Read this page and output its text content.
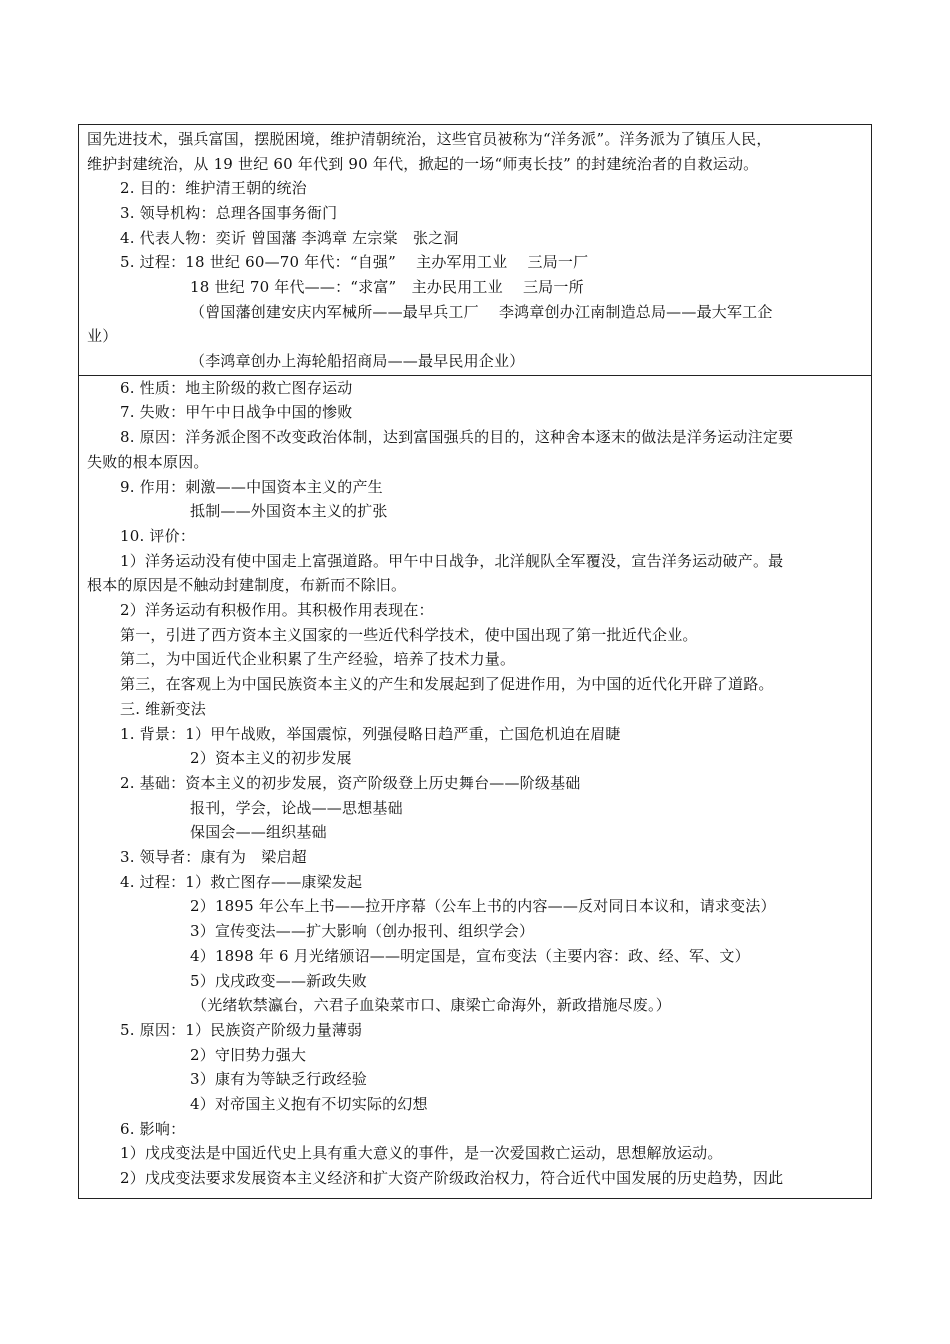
国先进技术，强兵富国，摆脱困境，维护清朝统治，这些官员被称为“洋务派”。洋务派为了镇压人民，
维护封建统治，从 19 世纪 60 年代到 90 年代，掀起的一场“师夷长技” 的封建统治者的自救运动。
2. 目的：维护清王朝的统治
3. 领导机构：总理各国事务衙门
4. 代表人物：奕䜣 曾国藩 李鸿章 左宗棠　张之洞
5. 过程：18 世纪 60—70 年代：“自强”　 主办军用工业　 三局一厂
18 世纪 70 年代——：“求富”　主办民用工业　 三局一所
（曾国藩创建安庆内军械所——最早兵工厂　 李鸿章创办江南制造总局——最大军工企
业）
（李鸿章创办上海轮船招商局——最早民用企业）
6. 性质：地主阶级的救亡图存运动
7. 失败：甲午中日战争中国的惨败
8. 原因：洋务派企图不改变政治体制，达到富国强兵的目的，这种舍本逐末的做法是洋务运动注定要
失败的根本原因。
9. 作用：刺激——中国资本主义的产生
抵制——外国资本主义的扩张
10. 评价：
1）洋务运动没有使中国走上富强道路。甲午中日战争，北洋舰队全军覆没，宣告洋务运动破产。最
根本的原因是不触动封建制度，布新而不除旧。
2）洋务运动有积极作用。其积极作用表现在：
第一，引进了西方资本主义国家的一些近代科学技术，使中国出现了第一批近代企业。
第二，为中国近代企业积累了生产经验，培养了技术力量。
第三，在客观上为中国民族资本主义的产生和发展起到了促进作用，为中国的近代化开辟了道路。
三. 维新变法
1. 背景：1）甲午战败，举国震惊，列强侵略日趋严重，亡国危机迫在眉睫
2）资本主义的初步发展
2. 基础：资本主义的初步发展，资产阶级登上历史舞台——阶级基础
报刊，学会，论战——思想基础
保国会——组织基础
3. 领导者：康有为　梁启超
4. 过程：1）救亡图存——康梁发起
2）1895 年公车上书——拉开序幕（公车上书的内容——反对同日本议和，请求变法）
3）宣传变法——扩大影响（创办报刊、组织学会）
4）1898 年 6 月光绪颁诏——明定国是，宣布变法（主要内容：政、经、军、文）
5）戊戌政变——新政失败
（光绪软禁瀛台，六君子血染菜市口、康梁亡命海外，新政措施尽废。）
5. 原因：1）民族资产阶级力量薄弱
2）守旧势力强大
3）康有为等缺乏行政经验
4）对帝国主义抱有不切实际的幻想
6. 影响：
1）戊戌变法是中国近代史上具有重大意义的事件，是一次爱国救亡运动，思想解放运动。
2）戊戌变法要求发展资本主义经济和扩大资产阶级政治权力，符合近代中国发展的历史趋势，因此
